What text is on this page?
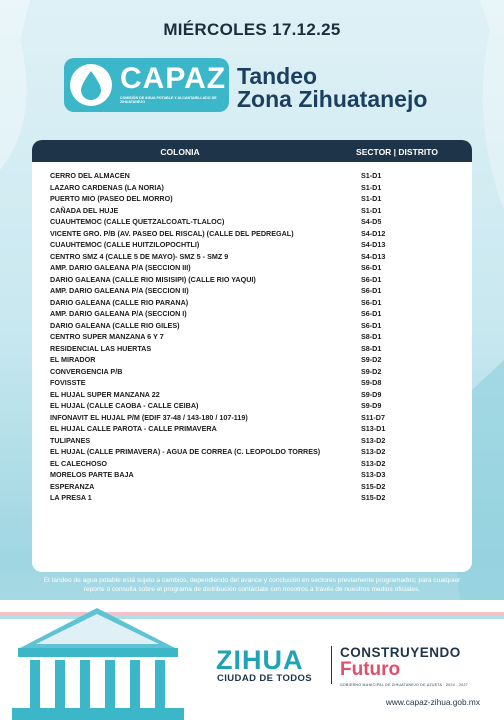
MIÉRCOLES 17.12.25
CAPAZ
COMISIÓN DE AGUA POTABLE Y ALCANTARILLADO DE ZIHUATANEJO
Tandeo
Zona Zihuatanejo
COLONIA	SECTOR | DISTRITO
CERRO DEL ALMACEN	S1-D1
LAZARO CARDENAS (LA NORIA)	S1-D1
PUERTO MIO (PASEO DEL MORRO)	S1-D1
CAÑADA DEL HUJE	S1-D1
CUAUHTEMOC (CALLE QUETZALCOATL-TLALOC)	S4-D5
VICENTE GRO. P/B (AV. PASEO DEL RISCAL) (CALLE DEL PEDREGAL)	S4-D12
CUAUHTEMOC (CALLE HUITZILOPOCHTLI)	S4-D13
CENTRO SMZ 4 (CALLE 5 DE MAYO)- SMZ 5 - SMZ 9	S4-D13
AMP. DARIO GALEANA P/A (SECCION III)	S6-D1
DARIO GALEANA (CALLE RIO MISISIPI) (CALLE RIO YAQUI)	S6-D1
AMP. DARIO GALEANA P/A (SECCION II)	S6-D1
DARIO GALEANA (CALLE RIO PARANA)	S6-D1
AMP. DARIO GALEANA P/A (SECCION I)	S6-D1
DARIO GALEANA (CALLE RIO GILES)	S6-D1
CENTRO SUPER MANZANA 6 Y 7	S8-D1
RESIDENCIAL LAS HUERTAS	S8-D1
EL MIRADOR	S9-D2
CONVERGENCIA P/B	S9-D2
FOVISSTE	S9-D8
EL HUJAL SUPER MANZANA 22	S9-D9
EL HUJAL (CALLE CAOBA - CALLE CEIBA)	S9-D9
INFONAVIT EL HUJAL P/M (EDIF 37-48 / 143-180 / 107-119)	S11-D7
EL HUJAL CALLE PAROTA - CALLE PRIMAVERA	S13-D1
TULIPANES	S13-D2
EL HUJAL (CALLE PRIMAVERA) - AGUA DE CORREA (C. LEOPOLDO TORRES)	S13-D2
EL CALECHOSO	S13-D2
MORELOS PARTE BAJA	S13-D3
ESPERANZA	S15-D2
LA PRESA 1	S15-D2
El tandeo de agua potable está sujeto a cambios, dependiendo del avance y conclusión en sectores previamente programados; para cualquier reporte o consulta sobre el programa de distribución contáctate con nosotros a través de nuestros medios oficiales.
ZIHUA
CIUDAD DE TODOS
CONSTRUYENDO
Futuro
GOBIERNO MUNICIPAL DE ZIHUATANEJO DE AZUETA · 2024 - 2027
www.capaz-zihua.gob.mx
